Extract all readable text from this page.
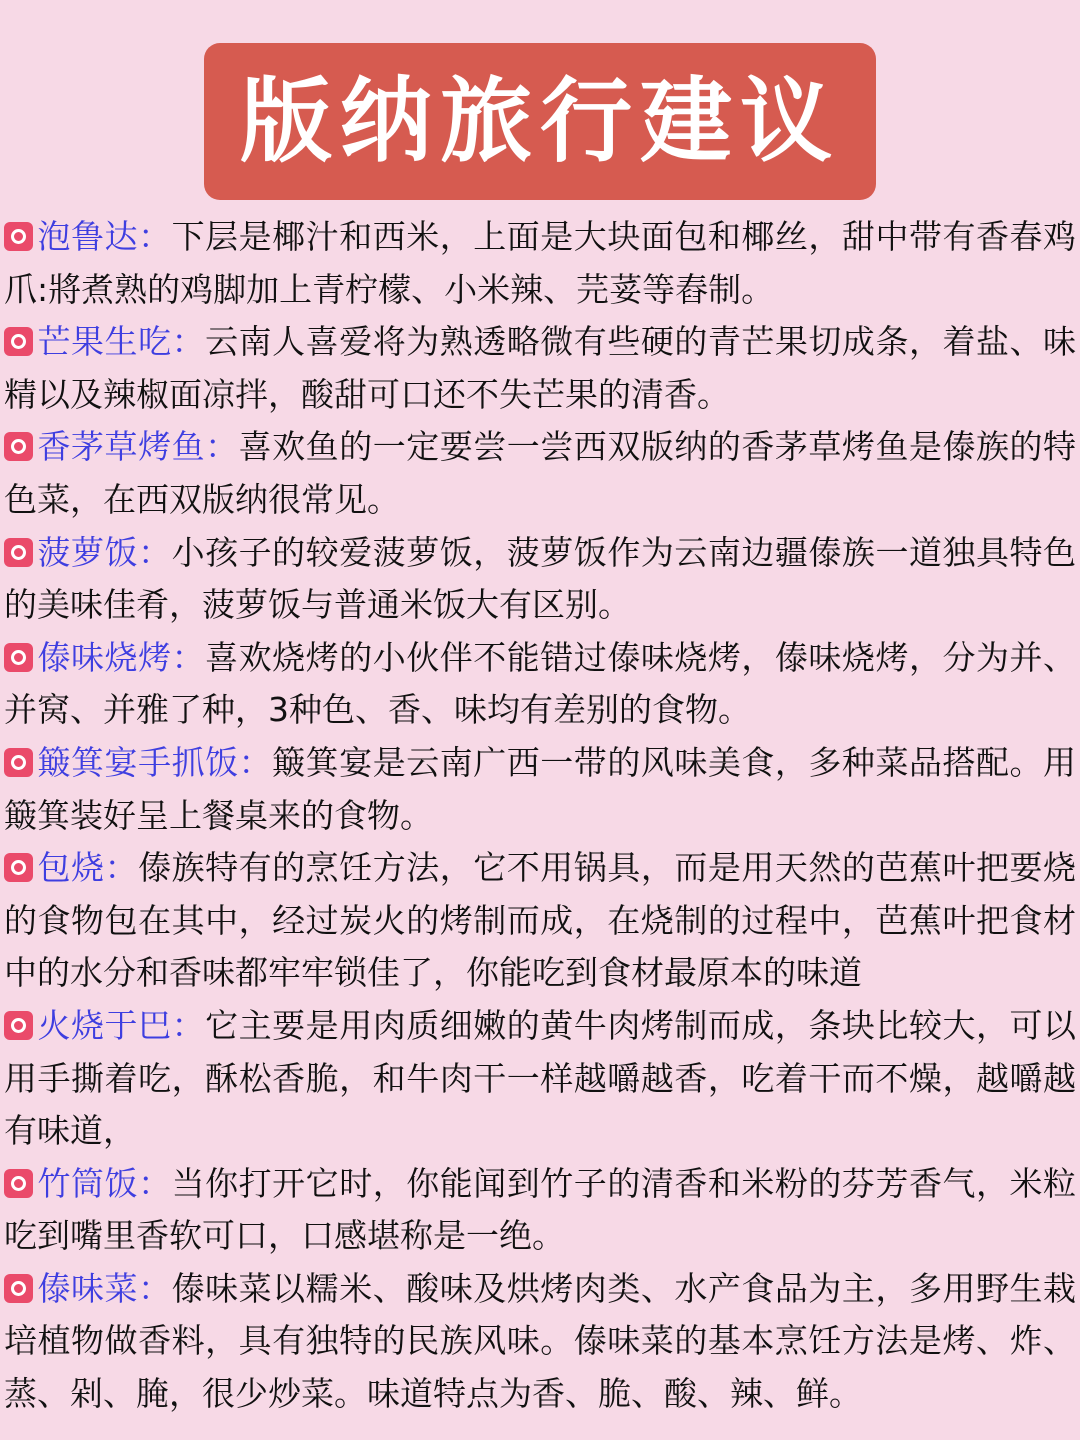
版纳旅行建议

泡鲁达：下层是椰汁和西米，上面是大块面包和椰丝，甜中带有香春鸡爪:將煮熟的鸡脚加上青柠檬、小米辣、芫荽等舂制。

芒果生吃：云南人喜爱将为熟透略微有些硬的青芒果切成条，着盐、味精以及辣椒面凉拌，酸甜可口还不失芒果的清香。

香茅草烤鱼：喜欢鱼的一定要尝一尝西双版纳的香茅草烤鱼是傣族的特色菜，在西双版纳很常见。

菠萝饭：小孩子的较爱菠萝饭，菠萝饭作为云南边疆傣族一道独具特色的美味佳肴，菠萝饭与普通米饭大有区别。

傣味烧烤：喜欢烧烤的小伙伴不能错过傣味烧烤，傣味烧烤，分为并、并窝、并雅了种，3种色、香、味均有差别的食物。

簸箕宴手抓饭：簸箕宴是云南广西一带的风味美食，多种菜品搭配。用簸箕装好呈上餐桌来的食物。

包烧：傣族特有的烹饪方法，它不用锅具，而是用天然的芭蕉叶把要烧的食物包在其中，经过炭火的烤制而成，在烧制的过程中，芭蕉叶把食材中的水分和香味都牢牢锁佳了，你能吃到食材最原本的味道

火烧于巴：它主要是用肉质细嫩的黄牛肉烤制而成，条块比较大，可以用手撕着吃，酥松香脆，和牛肉干一样越嚼越香，吃着干而不燥，越嚼越有味道，

竹筒饭：当你打开它时，你能闻到竹子的清香和米粉的芬芳香气，米粒吃到嘴里香软可口，口感堪称是一绝。

傣味菜：傣味菜以糯米、酸味及烘烤肉类、水产食品为主，多用野生栽培植物做香料，具有独特的民族风味。傣味菜的基本烹饪方法是烤、炸、蒸、剁、腌，很少炒菜。味道特点为香、脆、酸、辣、鲜。
